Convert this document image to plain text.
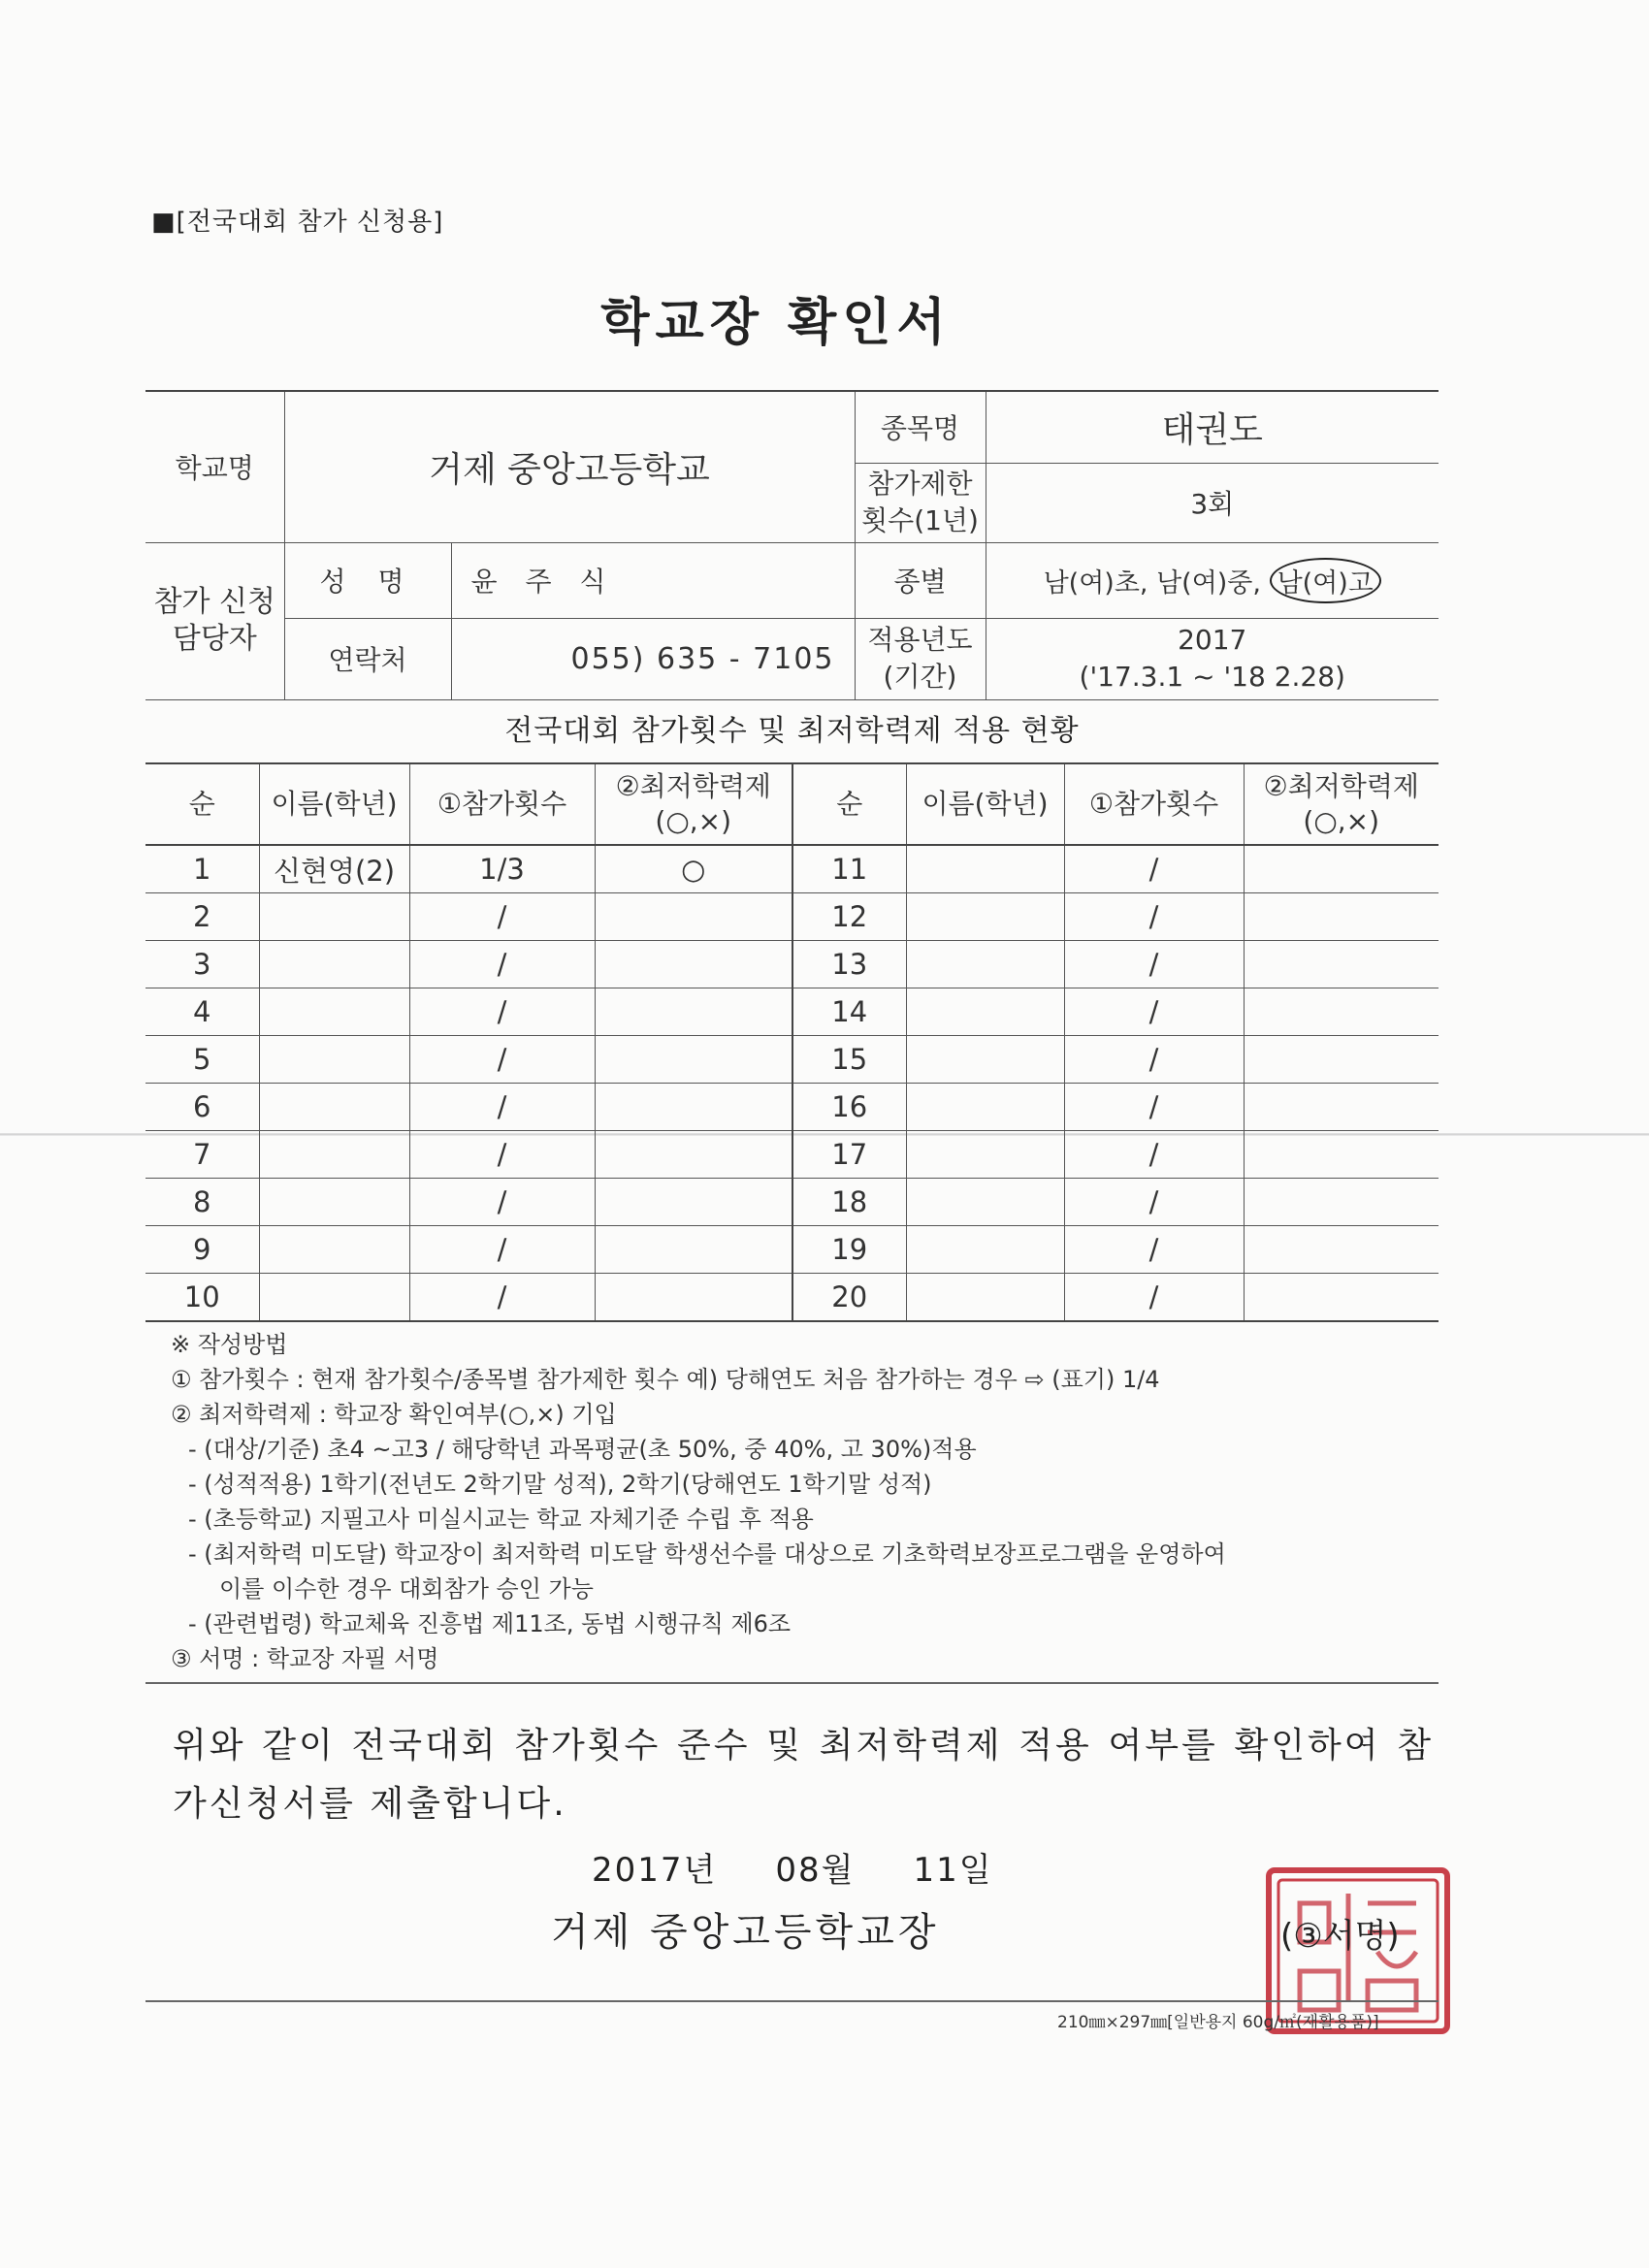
■[전국대회 참가 신청용]
학교장 확인서
학교명	거제 중앙고등학교		종목명	태권도
			참가제한 횟수(1년)	3회
참가 신청 담당자	성 명	윤 주 식	종별	남(여)초, 남(여)중, 남(여)고
	연락처	055) 635 - 7105	적용년도 (기간)	2017
('17.3.1 ~ '18 2.28)
전국대회 참가횟수 및 최저학력제 적용 현황
순	이름(학년)	①참가횟수	②최저학력제 (○,×)	순	이름(학년)	①참가횟수	②최저학력제 (○,×)
1	신현영(2)	1/3	○	11		/	
2		/		12		/	
3		/		13		/	
4		/		14		/	
5		/		15		/	
6		/		16		/	
7		/		17		/	
8		/		18		/	
9		/		19		/	
10		/		20		/	
※ 작성방법
① 참가횟수 : 현재 참가횟수/종목별 참가제한 횟수 예) 당해연도 처음 참가하는 경우 ⇨ (표기) 1/4
② 최저학력제 : 학교장 확인여부(○,×) 기입
- (대상/기준) 초4 ~고3 / 해당학년 과목평균(초 50%, 중 40%, 고 30%)적용
- (성적적용) 1학기(전년도 2학기말 성적), 2학기(당해연도 1학기말 성적)
- (초등학교) 지필고사 미실시교는 학교 자체기준 수립 후 적용
- (최저학력 미도달) 학교장이 최저학력 미도달 학생선수를 대상으로 기초학력보장프로그램을 운영하여
이를 이수한 경우 대회참가 승인 가능
- (관련법령) 학교체육 진흥법 제11조, 동법 시행규칙 제6조
③ 서명 : 학교장 자필 서명
위와 같이 전국대회 참가횟수 준수 및 최저학력제 적용 여부를 확인하여 참가신청서를 제출합니다.
2017년 08월 11일
거제 중앙고등학교장	(③서명)
210㎜×297㎜[일반용지 60g/㎡(재활용품)]
